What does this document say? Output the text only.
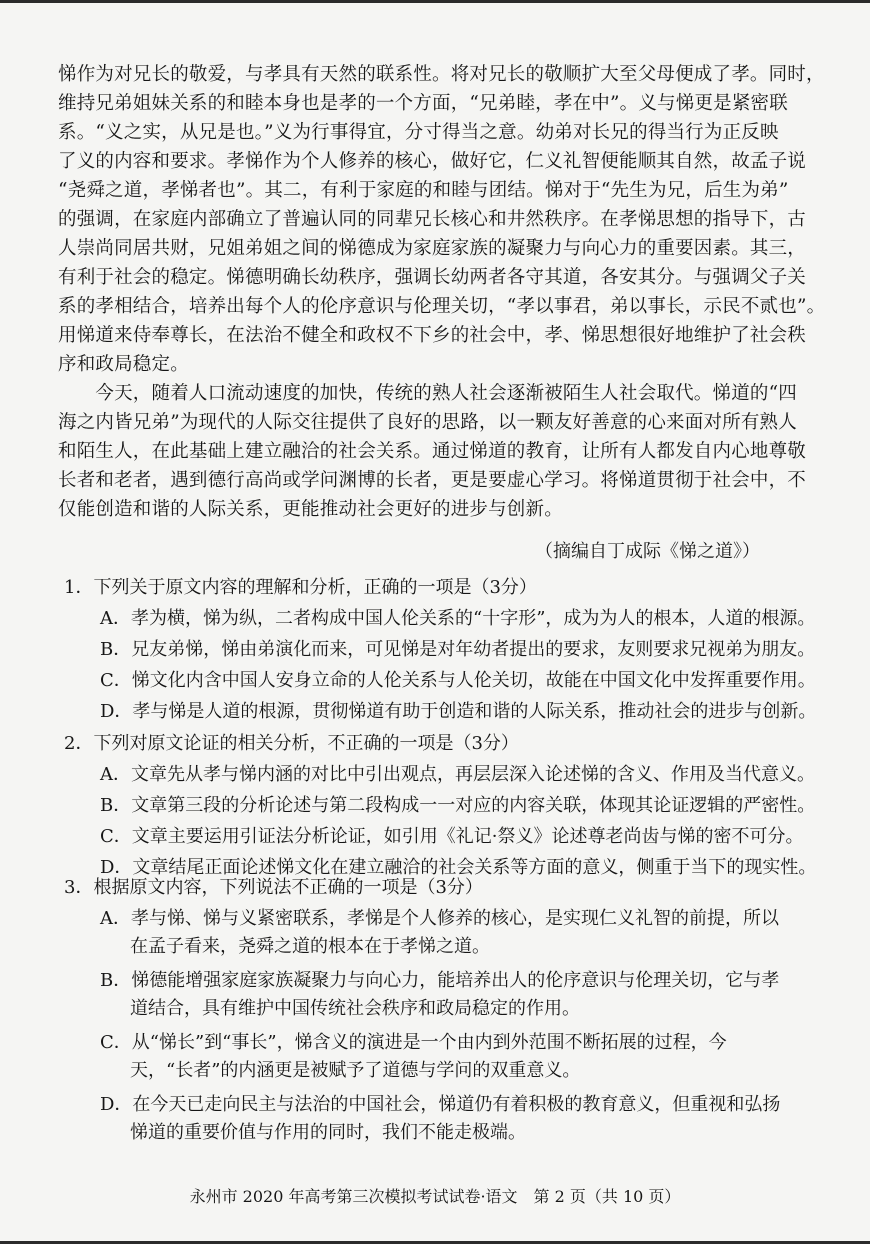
悌作为对兄长的敬爱，与孝具有天然的联系性。将对兄长的敬顺扩大至父母便成了孝。同时，
维持兄弟姐妹关系的和睦本身也是孝的一个方面，“兄弟睦，孝在中”。义与悌更是紧密联
系。“义之实，从兄是也。”义为行事得宜，分寸得当之意。幼弟对长兄的得当行为正反映
了义的内容和要求。孝悌作为个人修养的核心，做好它，仁义礼智便能顺其自然，故孟子说
“尧舜之道，孝悌者也”。其二，有利于家庭的和睦与团结。悌对于“先生为兄，后生为弟”
的强调，在家庭内部确立了普遍认同的同辈兄长核心和井然秩序。在孝悌思想的指导下，古
人崇尚同居共财，兄姐弟姐之间的悌德成为家庭家族的凝聚力与向心力的重要因素。其三，
有利于社会的稳定。悌德明确长幼秩序，强调长幼两者各守其道，各安其分。与强调父子关
系的孝相结合，培养出每个人的伦序意识与伦理关切，“孝以事君，弟以事长，示民不贰也”。
用悌道来侍奉尊长，在法治不健全和政权不下乡的社会中，孝、悌思想很好地维护了社会秩
序和政局稳定。
　　今天，随着人口流动速度的加快，传统的熟人社会逐渐被陌生人社会取代。悌道的“四
海之内皆兄弟”为现代的人际交往提供了良好的思路，以一颗友好善意的心来面对所有熟人
和陌生人，在此基础上建立融洽的社会关系。通过悌道的教育，让所有人都发自内心地尊敬
长者和老者，遇到德行高尚或学问渊博的长者，更是要虚心学习。将悌道贯彻于社会中，不
仅能创造和谐的人际关系，更能推动社会更好的进步与创新。
（摘编自丁成际《悌之道》）
1．下列关于原文内容的理解和分析，正确的一项是（3分）
A．孝为横，悌为纵，二者构成中国人伦关系的“十字形”，成为为人的根本，人道的根源。
B．兄友弟悌，悌由弟演化而来，可见悌是对年幼者提出的要求，友则要求兄视弟为朋友。
C．悌文化内含中国人安身立命的人伦关系与人伦关切，故能在中国文化中发挥重要作用。
D．孝与悌是人道的根源，贯彻悌道有助于创造和谐的人际关系，推动社会的进步与创新。
2．下列对原文论证的相关分析，不正确的一项是（3分）
A．文章先从孝与悌内涵的对比中引出观点，再层层深入论述悌的含义、作用及当代意义。
B．文章第三段的分析论述与第二段构成一一对应的内容关联，体现其论证逻辑的严密性。
C．文章主要运用引证法分析论证，如引用《礼记·祭义》论述尊老尚齿与悌的密不可分。
D．文章结尾正面论述悌文化在建立融洽的社会关系等方面的意义，侧重于当下的现实性。
3．根据原文内容，下列说法不正确的一项是（3分）
A．孝与悌、悌与义紧密联系，孝悌是个人修养的核心，是实现仁义礼智的前提，所以
在孟子看来，尧舜之道的根本在于孝悌之道。
B．悌德能增强家庭家族凝聚力与向心力，能培养出人的伦序意识与伦理关切，它与孝
道结合，具有维护中国传统社会秩序和政局稳定的作用。
C．从“悌长”到“事长”，悌含义的演进是一个由内到外范围不断拓展的过程，今
天，“长者”的内涵更是被赋予了道德与学问的双重意义。
D．在今天已走向民主与法治的中国社会，悌道仍有着积极的教育意义，但重视和弘扬
悌道的重要价值与作用的同时，我们不能走极端。
永州市 2020 年高考第三次模拟考试试卷·语文　第 2 页（共 10 页）
